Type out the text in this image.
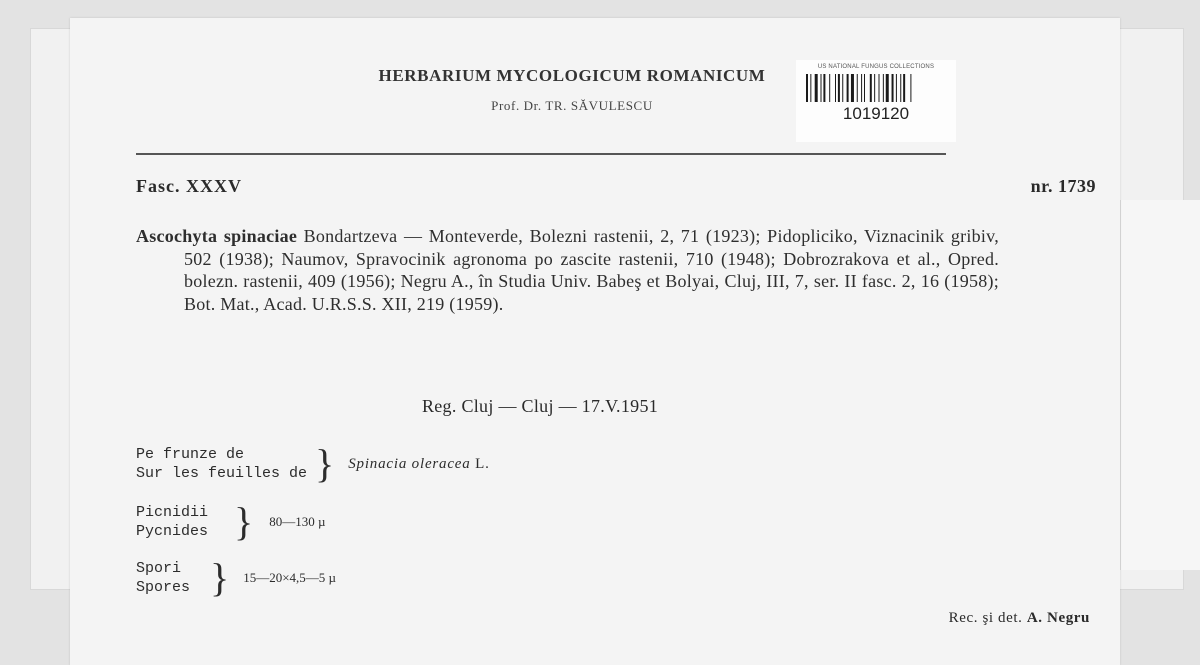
HERBARIUM MYCOLOGICUM ROMANICUM
Prof. Dr. TR. SĂVULESCU
US NATIONAL FUNGUS COLLECTIONS
1019120
Fasc. XXXV	nr. 1739
Ascochyta spinaciae Bondartzeva — Monteverde, Bolezni rastenii, 2, 71 (1923); Pidopliciko, Viznacinik gribiv, 502 (1938); Naumov, Spravocinik agronoma po zascite rastenii, 710 (1948); Dobrozrakova et al., Opred. bolezn. rastenii, 409 (1956); Negru A., în Studia Univ. Babeş et Bolyai, Cluj, III, 7, ser. II fasc. 2, 16 (1958); Bot. Mat., Acad. U.R.S.S. XII, 219 (1959).
Reg. Cluj — Cluj — 17.V.1951
Pe frunze de
Sur les feuilles de } Spinacia oleracea L.
Picnidii
Pycnides } 80—130 µ
Spori
Spores } 15—20×4,5—5 µ
Rec. şi det. A. Negru
